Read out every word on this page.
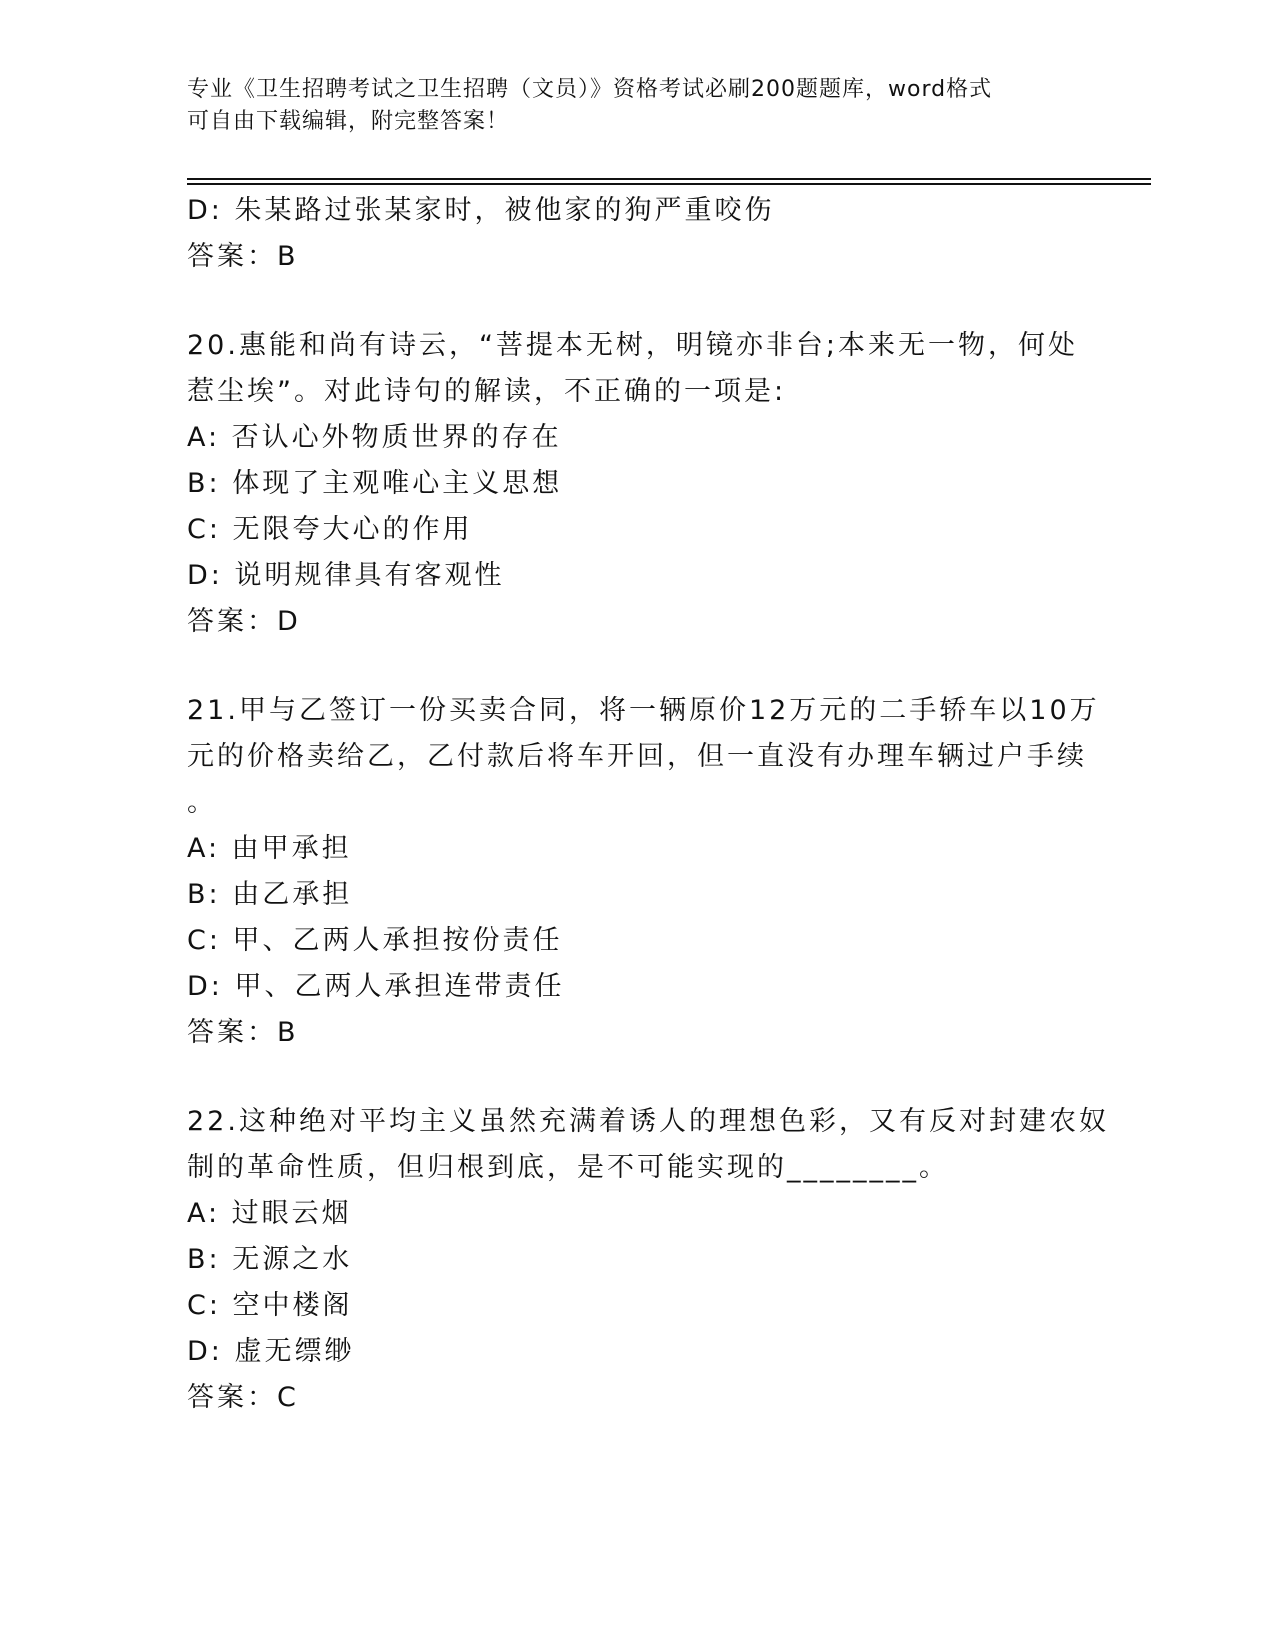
专业《卫生招聘考试之卫生招聘（文员）》资格考试必刷200题题库，word格式
可自由下载编辑，附完整答案！
D: 朱某路过张某家时，被他家的狗严重咬伤
答案：B
20.惠能和尚有诗云，“菩提本无树，明镜亦非台;本来无一物，何处
惹尘埃”。对此诗句的解读，不正确的一项是:
A: 否认心外物质世界的存在
B: 体现了主观唯心主义思想
C: 无限夸大心的作用
D: 说明规律具有客观性
答案：D
21.甲与乙签订一份买卖合同，将一辆原价12万元的二手轿车以10万
元的价格卖给乙，乙付款后将车开回，但一直没有办理车辆过户手续
。
A: 由甲承担
B: 由乙承担
C: 甲、乙两人承担按份责任
D: 甲、乙两人承担连带责任
答案：B
22.这种绝对平均主义虽然充满着诱人的理想色彩，又有反对封建农奴
制的革命性质，但归根到底，是不可能实现的________。
A: 过眼云烟
B: 无源之水
C: 空中楼阁
D: 虚无缥缈
答案：C
